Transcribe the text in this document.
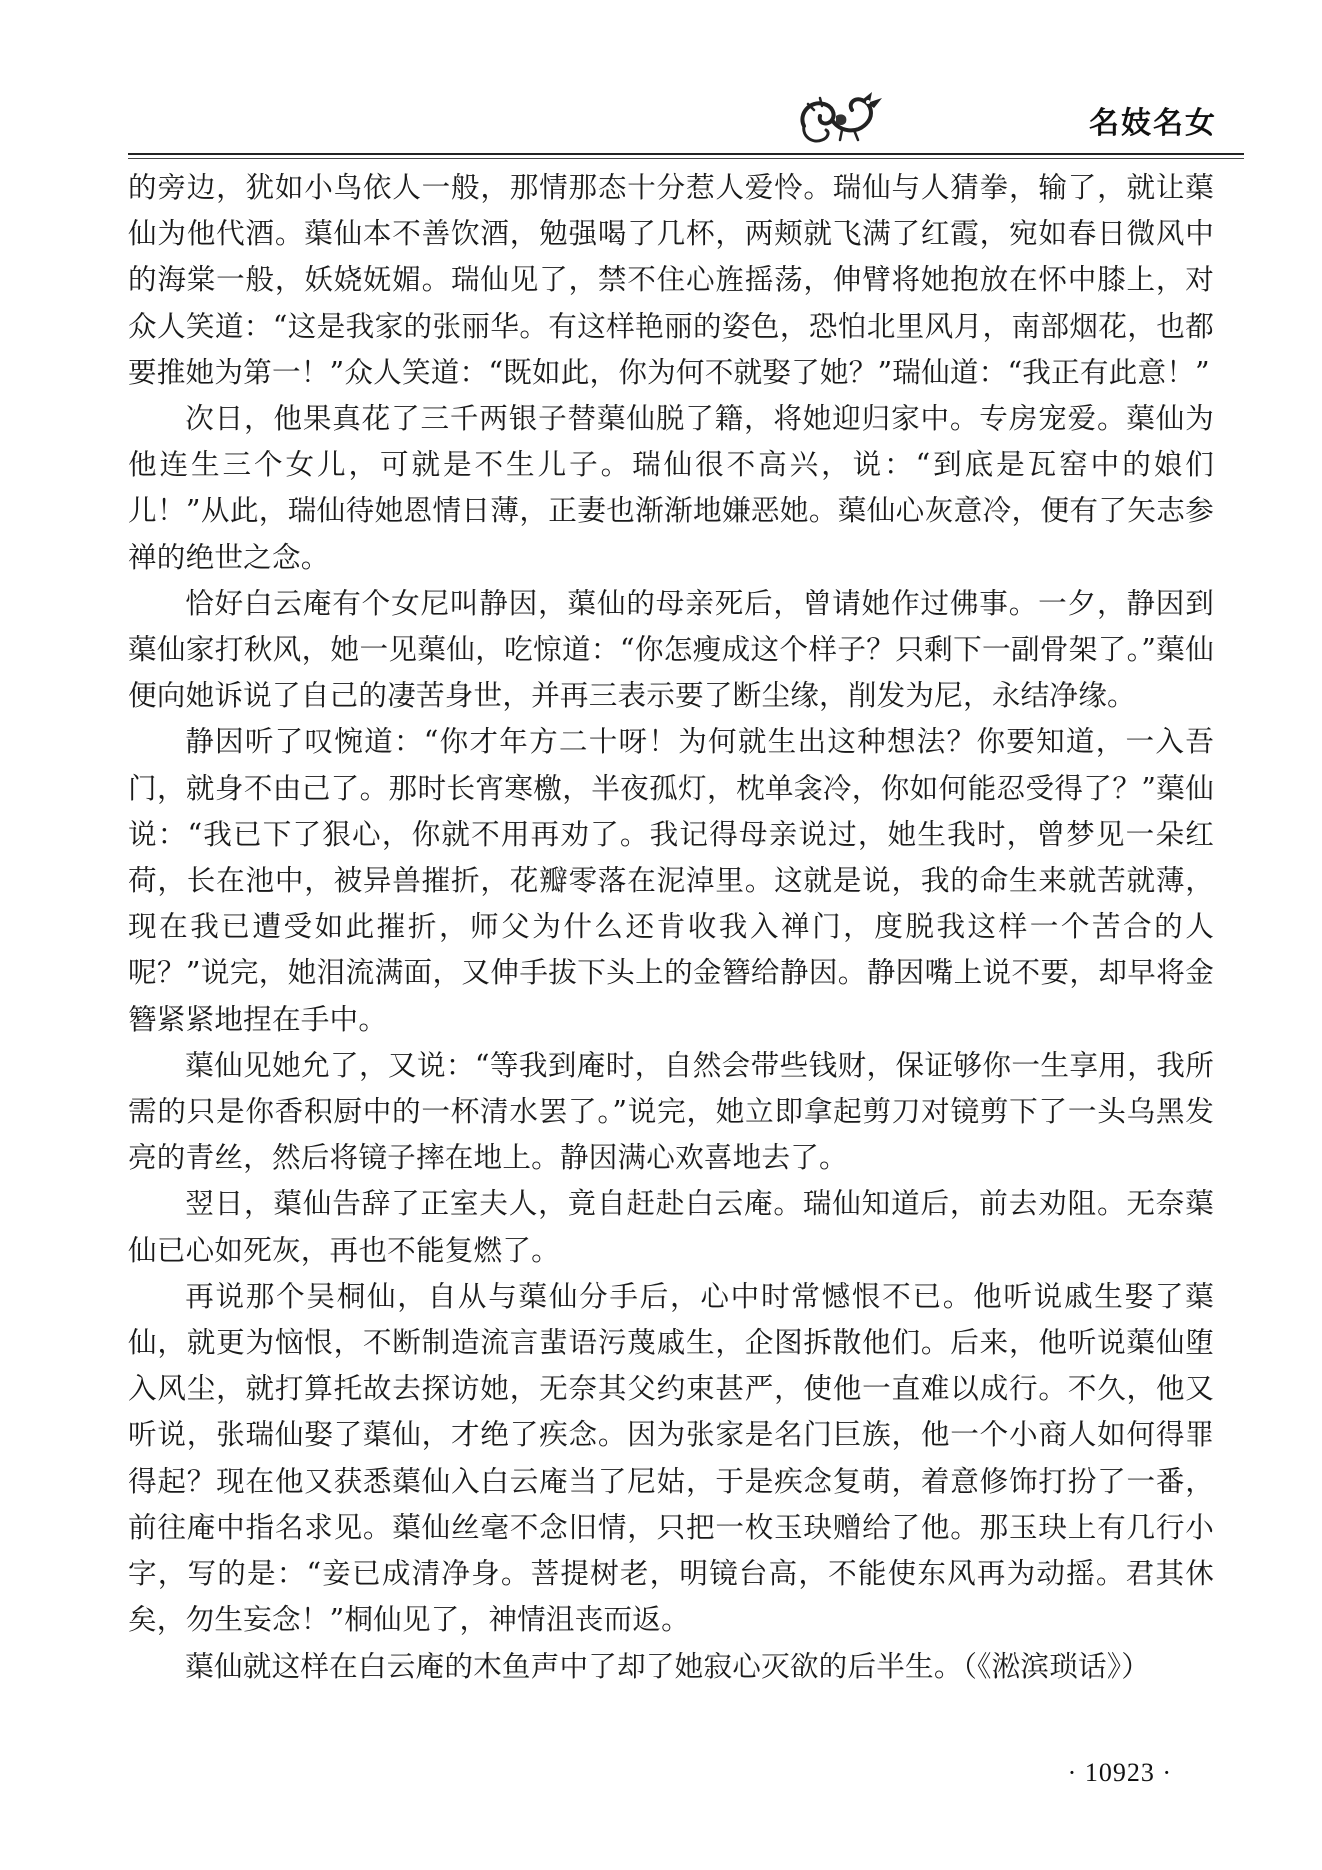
名妓名女

的旁边，犹如小鸟依人一般，那情那态十分惹人爱怜。瑞仙与人猜拳，输了，就让蕖仙为他代酒。蕖仙本不善饮酒，勉强喝了几杯，两颊就飞满了红霞，宛如春日微风中的海棠一般，妖娆妩媚。瑞仙见了，禁不住心旌摇荡，伸臂将她抱放在怀中膝上，对众人笑道：“这是我家的张丽华。有这样艳丽的姿色，恐怕北里风月，南部烟花，也都要推她为第一！”众人笑道：“既如此，你为何不就娶了她？”瑞仙道：“我正有此意！”

次日，他果真花了三千两银子替蕖仙脱了籍，将她迎归家中。专房宠爱。蕖仙为他连生三个女儿，可就是不生儿子。瑞仙很不高兴，说：“到底是瓦窑中的娘们儿！”从此，瑞仙待她恩情日薄，正妻也渐渐地嫌恶她。蕖仙心灰意冷，便有了矢志参禅的绝世之念。

恰好白云庵有个女尼叫静因，蕖仙的母亲死后，曾请她作过佛事。一夕，静因到蕖仙家打秋风，她一见蕖仙，吃惊道：“你怎瘦成这个样子？只剩下一副骨架了。”蕖仙便向她诉说了自己的凄苦身世，并再三表示要了断尘缘，削发为尼，永结净缘。

静因听了叹惋道：“你才年方二十呀！为何就生出这种想法？你要知道，一入吾门，就身不由己了。那时长宵寒檄，半夜孤灯，枕单衾冷，你如何能忍受得了？”蕖仙说：“我已下了狠心，你就不用再劝了。我记得母亲说过，她生我时，曾梦见一朵红荷，长在池中，被异兽摧折，花瓣零落在泥淖里。这就是说，我的命生来就苦就薄，现在我已遭受如此摧折，师父为什么还肯收我入禅门，度脱我这样一个苦合的人呢？”说完，她泪流满面，又伸手拔下头上的金簪给静因。静因嘴上说不要，却早将金簪紧紧地捏在手中。

蕖仙见她允了，又说：“等我到庵时，自然会带些钱财，保证够你一生享用，我所需的只是你香积厨中的一杯清水罢了。”说完，她立即拿起剪刀对镜剪下了一头乌黑发亮的青丝，然后将镜子摔在地上。静因满心欢喜地去了。

翌日，蕖仙告辞了正室夫人，竟自赶赴白云庵。瑞仙知道后，前去劝阻。无奈蕖仙已心如死灰，再也不能复燃了。

再说那个吴桐仙，自从与蕖仙分手后，心中时常憾恨不已。他听说戚生娶了蕖仙，就更为恼恨，不断制造流言蜚语污蔑戚生，企图拆散他们。后来，他听说蕖仙堕入风尘，就打算托故去探访她，无奈其父约束甚严，使他一直难以成行。不久，他又听说，张瑞仙娶了蕖仙，才绝了疾念。因为张家是名门巨族，他一个小商人如何得罪得起？现在他又获悉蕖仙入白云庵当了尼姑，于是疾念复萌，着意修饰打扮了一番，前往庵中指名求见。蕖仙丝毫不念旧情，只把一枚玉玦赠给了他。那玉玦上有几行小字，写的是：“妾已成清净身。菩提树老，明镜台高，不能使东风再为动摇。君其休矣，勿生妄念！”桐仙见了，神情沮丧而返。

蕖仙就这样在白云庵的木鱼声中了却了她寂心灭欲的后半生。（《淞滨琐话》）

· 10923 ·
